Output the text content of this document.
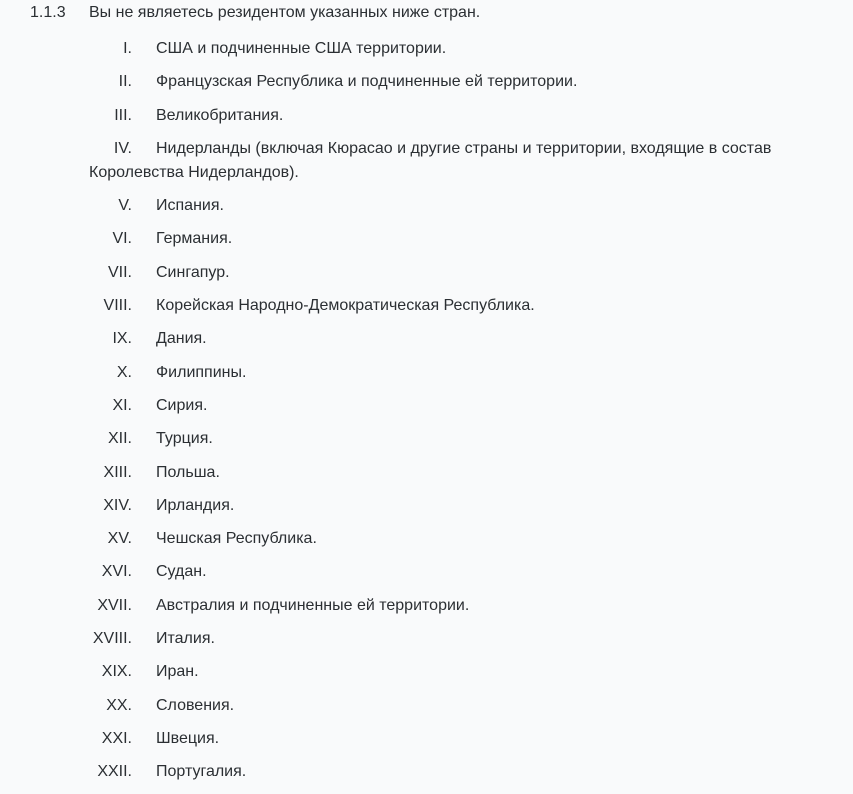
1.1.3 Вы не являетесь резидентом указанных ниже стран.
I.	США и подчиненные США территории.
II.	Французская Республика и подчиненные ей территории.
III.	Великобритания.
IV.	Нидерланды (включая Кюрасао и другие страны и территории, входящие в состав Королевства Нидерландов).
V.	Испания.
VI.	Германия.
VII.	Сингапур.
VIII.	Корейская Народно-Демократическая Республика.
IX.	Дания.
X.	Филиппины.
XI.	Сирия.
XII.	Турция.
XIII.	Польша.
XIV.	Ирландия.
XV.	Чешская Республика.
XVI.	Судан.
XVII.	Австралия и подчиненные ей территории.
XVIII.	Италия.
XIX.	Иран.
XX.	Словения.
XXI.	Швеция.
XXII.	Португалия.
